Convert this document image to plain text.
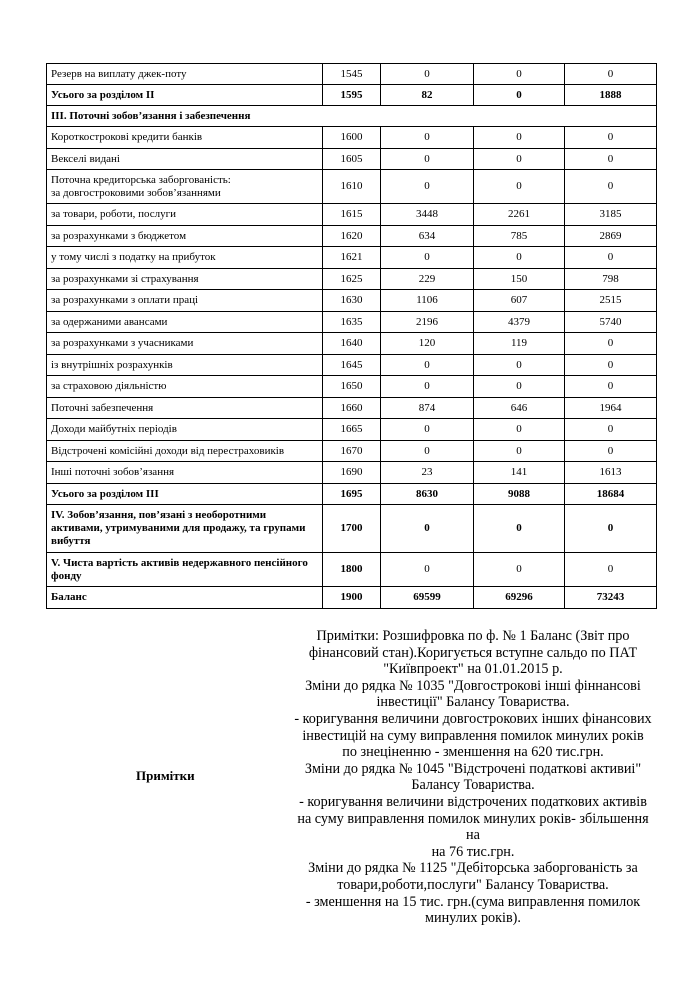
Резерв на виплату джек-поту	1545	0	0	0
Усього за розділом II	1595	82	0	1888
III. Поточні зобов’язання і забезпечення				
Короткострокові кредити банків	1600	0	0	0
Векселі видані	1605	0	0	0
Поточна кредиторська заборгованість:
за довгостроковими зобов’язаннями	1610	0	0	0
за товари, роботи, послуги	1615	3448	2261	3185
за розрахунками з бюджетом	1620	634	785	2869
у тому числі з податку на прибуток	1621	0	0	0
за розрахунками зі страхування	1625	229	150	798
за розрахунками з оплати праці	1630	1106	607	2515
за одержаними авансами	1635	2196	4379	5740
за розрахунками з учасниками	1640	120	119	0
із внутрішніх розрахунків	1645	0	0	0
за страховою діяльністю	1650	0	0	0
Поточні забезпечення	1660	874	646	1964
Доходи майбутніх періодів	1665	0	0	0
Відстрочені комісійні доходи від перестраховиків	1670	0	0	0
Інші поточні зобов’язання	1690	23	141	1613
Усього за розділом IІІ	1695	8630	9088	18684
ІV. Зобов’язання, пов’язані з необоротними активами, утримуваними для продажу, та групами вибуття	1700	0	0	0
V. Чиста вартість активів недержавного пенсійного фонду	1800	0	0	0
Баланс	1900	69599	69296	73243
Примітки
Примітки: Розшифровка по ф. № 1 Баланс (Звіт про
фінансовий стан).Коригується вступне сальдо по ПАТ
"Київпроект" на 01.01.2015 р.
Зміни до рядка № 1035 "Довгострокові інші фіннансові
інвестиції" Балансу Товариства.
- коригування величини довгострокових інших фінансових
інвестицій на суму виправлення помилок минулих років
по знеціненню - зменшення на 620 тис.грн.
Зміни до рядка № 1045 "Відстрочені податкові активиі"
Балансу Товариства.
- коригування величини відстрочених податкових активів
на суму виправлення помилок минулих років- збільшення
на
на 76 тис.грн.
Зміни до рядка № 1125 "Дебіторська заборгованість за
товари,роботи,послуги" Балансу Товариства.
- зменшення на 15 тис. грн.(сума виправлення помилок
минулих років).
